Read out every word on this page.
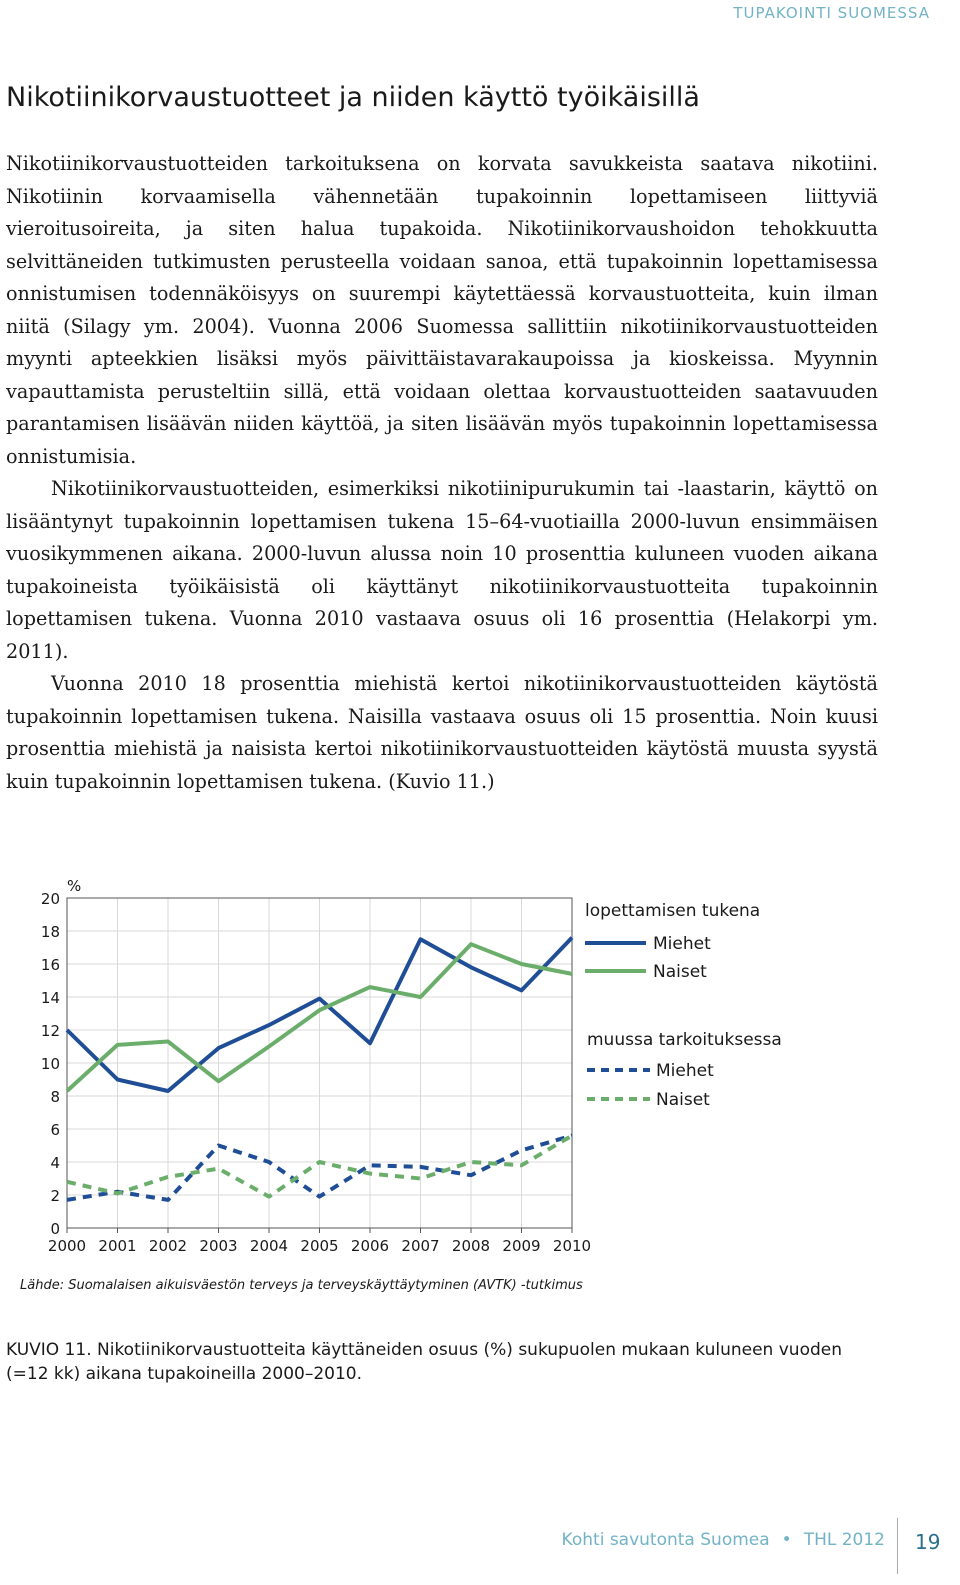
TUPAKOINTI SUOMESSA
Nikotiinikorvaustuotteet ja niiden käyttö työikäisillä

Nikotiinikorvaustuotteiden tarkoituksena on korvata savukkeista saatava nikotiini. Nikotiinin korvaamisella vähennetään tupakoinnin lopettamiseen liittyviä vieroitusoireita, ja siten halua tupakoida. Nikotiinikorvaushoidon tehokkuutta selvittäneiden tutkimusten perusteella voidaan sanoa, että tupakoinnin lopettamisessa onnistumisen todennäköisyys on suurempi käytettäessä korvaustuotteita, kuin ilman niitä (Silagy ym. 2004). Vuonna 2006 Suomessa sallittiin nikotiinikorvaustuotteiden myynti apteekkien lisäksi myös päivittäistavarakaupoissa ja kioskeissa. Myynnin vapauttamista perusteltiin sillä, että voidaan olettaa korvaustuotteiden saatavuuden parantamisen lisäävän niiden käyttöä, ja siten lisäävän myös tupakoinnin lopettamisessa onnistumisia.

Nikotiinikorvaustuotteiden, esimerkiksi nikotiinipurukumin tai -laastarin, käyttö on lisääntynyt tupakoinnin lopettamisen tukena 15–64-vuotiailla 2000-luvun ensimmäisen vuosikymmenen aikana. 2000-luvun alussa noin 10 prosenttia kuluneen vuoden aikana tupakoineista työikäisistä oli käyttänyt nikotiinikorvaustuotteita tupakoinnin lopettamisen tukena. Vuonna 2010 vastaava osuus oli 16 prosenttia (Helakorpi ym. 2011).

Vuonna 2010 18 prosenttia miehistä kertoi nikotiinikorvaustuotteiden käytöstä tupakoinnin lopettamisen tukena. Naisilla vastaava osuus oli 15 prosenttia. Noin kuusi prosenttia miehistä ja naisista kertoi nikotiinikorvaustuotteiden käytöstä muusta syystä kuin tupakoinnin lopettamisen tukena. (Kuvio 11.)

0
2
4
6
8
10
12
14
16
18
20
2000 2001 2002 2003 2004 2005 2006 2007 2008 2009 2010
%
lopettamisen tukena
Miehet
Naiset
muussa tarkoituksessa
Miehet
Naiset
Lähde: Suomalaisen aikuisväestön terveys ja terveyskäyttäytyminen (AVTK) -tutkimus
KUVIO 11. Nikotiinikorvaustuotteita käyttäneiden osuus (%) sukupuolen mukaan kuluneen vuoden (=12 kk) aikana tupakoineilla 2000–2010.
Kohti savutonta Suomea • THL 2012 19
